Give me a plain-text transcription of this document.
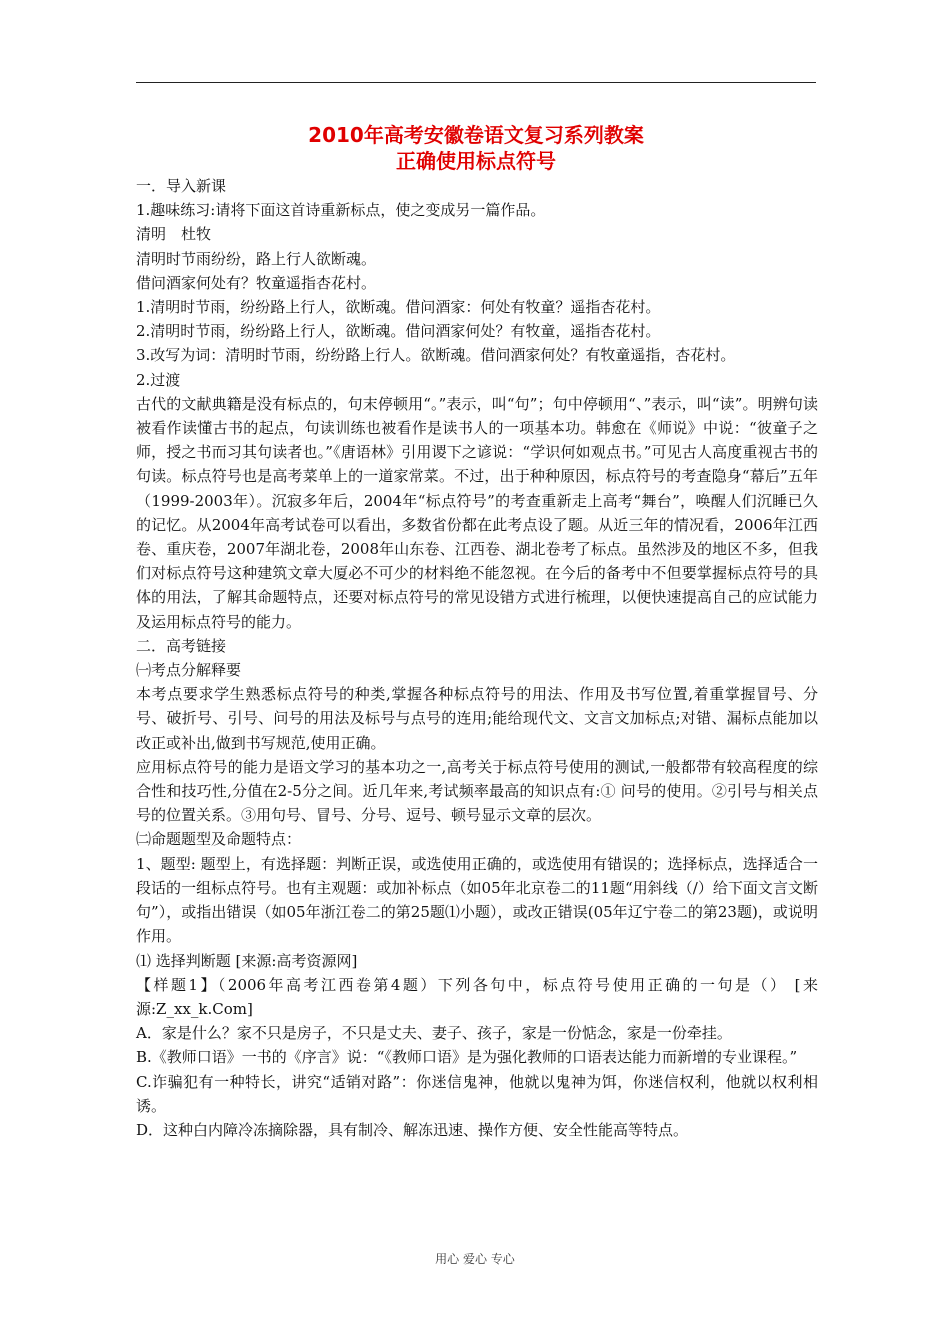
2010年高考安徽卷语文复习系列教案
正确使用标点符号

一．导入新课

1.趣味练习:请将下面这首诗重新标点，使之变成另一篇作品。

清明　杜牧

清明时节雨纷纷，路上行人欲断魂。

借问酒家何处有？牧童遥指杏花村。

1.清明时节雨，纷纷路上行人，欲断魂。借问酒家：何处有牧童？遥指杏花村。

2.清明时节雨，纷纷路上行人，欲断魂。借问酒家何处？有牧童，遥指杏花村。

3.改写为词：清明时节雨，纷纷路上行人。欲断魂。借问酒家何处？有牧童遥指，杏花村。

2.过渡

古代的文献典籍是没有标点的，句末停顿用“。”表示，叫“句”；句中停顿用“、”表示，叫“读”。明辨句读被看作读懂古书的起点，句读训练也被看作是读书人的一项基本功。韩愈在《师说》中说：“彼童子之师，授之书而习其句读者也。”《唐语林》引用谡下之谚说：“学识何如观点书。”可见古人高度重视古书的句读。标点符号也是高考菜单上的一道家常菜。不过，出于种种原因，标点符号的考查隐身“幕后”五年（1999-2003年）。沉寂多年后，2004年“标点符号”的考查重新走上高考“舞台”，唤醒人们沉睡已久的记忆。从2004年高考试卷可以看出，多数省份都在此考点设了题。从近三年的情况看，2006年江西卷、重庆卷，2007年湖北卷，2008年山东卷、江西卷、湖北卷考了标点。虽然涉及的地区不多，但我们对标点符号这种建筑文章大厦必不可少的材料绝不能忽视。在今后的备考中不但要掌握标点符号的具体的用法，了解其命题特点，还要对标点符号的常见设错方式进行梳理，以便快速提高自己的应试能力及运用标点符号的能力。

二．高考链接

㈠考点分解释要

本考点要求学生熟悉标点符号的种类,掌握各种标点符号的用法、作用及书写位置,着重掌握冒号、分号、破折号、引号、问号的用法及标号与点号的连用;能给现代文、文言文加标点;对错、漏标点能加以改正或补出,做到书写规范,使用正确。

应用标点符号的能力是语文学习的基本功之一,高考关于标点符号使用的测试,一般都带有较高程度的综合性和技巧性,分值在2-5分之间。近几年来,考试频率最高的知识点有:① 问号的使用。②引号与相关点号的位置关系。③用句号、冒号、分号、逗号、顿号显示文章的层次。

㈡命题题型及命题特点：

1、题型: 题型上，有选择题：判断正误，或选使用正确的，或选使用有错误的；选择标点，选择适合一段话的一组标点符号。也有主观题：或加补标点（如05年北京卷二的11题“用斜线（/）给下面文言文断句”），或指出错误（如05年浙江卷二的第25题⑴小题），或改正错误(05年辽宁卷二的第23题)，或说明作用。

⑴ 选择判断题 [来源:高考资源网]

【样题1】（2006年高考江西卷第4题）下列各句中，标点符号使用正确的一句是（） [来源:Z_xx_k.Com]

A．家是什么？家不只是房子，不只是丈夫、妻子、孩子，家是一份惦念，家是一份牵挂。

B.《教师口语》一书的《序言》说：“《教师口语》是为强化教师的口语表达能力而新增的专业课程。”

C.诈骗犯有一种特长，讲究“适销对路”：你迷信鬼神，他就以鬼神为饵，你迷信权利，他就以权利相诱。

D．这种白内障冷冻摘除器，具有制冷、解冻迅速、操作方便、安全性能高等特点。

用心 爱心 专心
